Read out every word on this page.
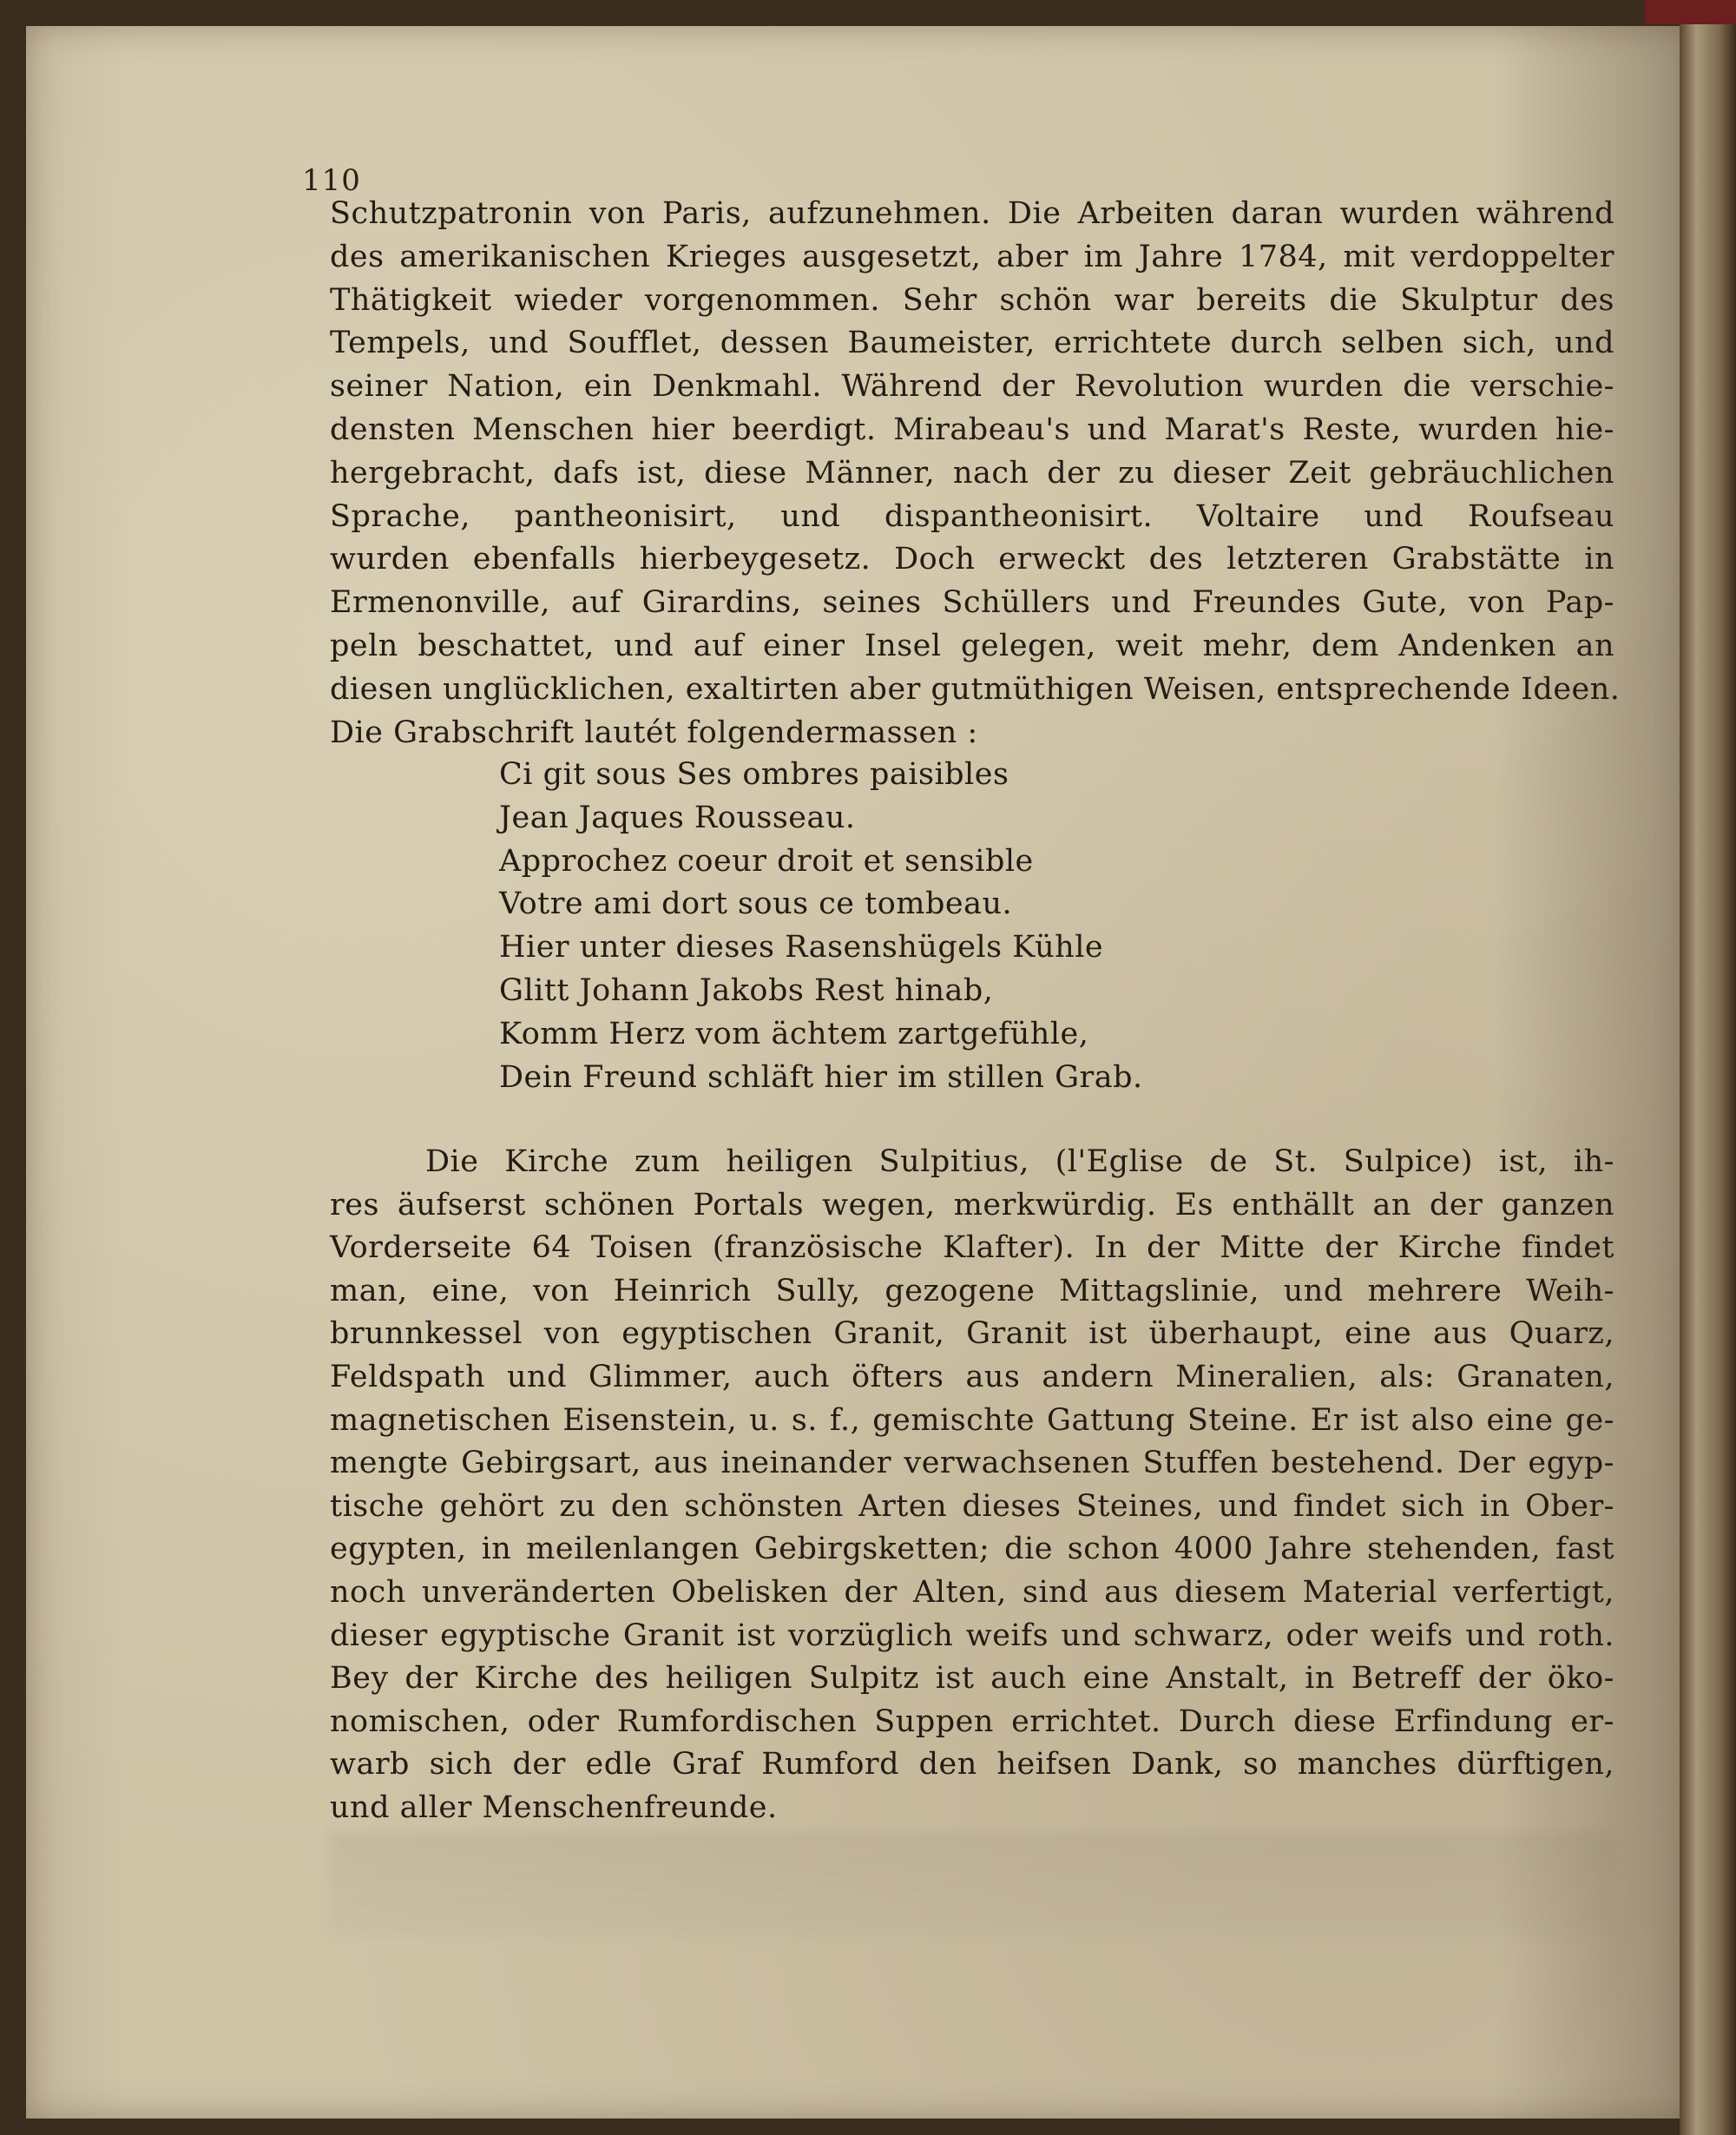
110
Schutzpatronin von Paris, aufzunehmen. Die Arbeiten daran wurden während
des amerikanischen Krieges ausgesetzt, aber im Jahre 1784, mit verdoppelter
Thätigkeit wieder vorgenommen. Sehr schön war bereits die Skulptur des
Tempels, und Soufflet, dessen Baumeister, errichtete durch selben sich, und
seiner Nation, ein Denkmahl. Während der Revolution wurden die verschie-
densten Menschen hier beerdigt. Mirabeau's und Marat's Reste, wurden hie-
hergebracht, dafs ist, diese Männer, nach der zu dieser Zeit gebräuchlichen
Sprache, pantheonisirt, und dispantheonisirt. Voltaire und Roufseau
wurden ebenfalls hierbeygesetz. Doch erweckt des letzteren Grabstätte in
Ermenonville, auf Girardins, seines Schüllers und Freundes Gute, von Pap-
peln beschattet, und auf einer Insel gelegen, weit mehr, dem Andenken an
diesen unglücklichen, exaltirten aber gutmüthigen Weisen, entsprechende Ideen.
Die Grabschrift lautét folgendermassen :
Ci git sous Ses ombres paisibles
Jean Jaques Rousseau.
Approchez coeur droit et sensible
Votre ami dort sous ce tombeau.
Hier unter dieses Rasenshügels Kühle
Glitt Johann Jakobs Rest hinab,
Komm Herz vom ächtem zartgefühle,
Dein Freund schläft hier im stillen Grab.
Die Kirche zum heiligen Sulpitius, (l'Eglise de St. Sulpice) ist, ih-
res äufserst schönen Portals wegen, merkwürdig. Es enthällt an der ganzen
Vorderseite 64 Toisen (französische Klafter). In der Mitte der Kirche findet
man, eine, von Heinrich Sully, gezogene Mittagslinie, und mehrere Weih-
brunnkessel von egyptischen Granit, Granit ist überhaupt, eine aus Quarz,
Feldspath und Glimmer, auch öfters aus andern Mineralien, als: Granaten,
magnetischen Eisenstein, u. s. f., gemischte Gattung Steine. Er ist also eine ge-
mengte Gebirgsart, aus ineinander verwachsenen Stuffen bestehend. Der egyp-
tische gehört zu den schönsten Arten dieses Steines, und findet sich in Ober-
egypten, in meilenlangen Gebirgsketten; die schon 4000 Jahre stehenden, fast
noch unveränderten Obelisken der Alten, sind aus diesem Material verfertigt,
dieser egyptische Granit ist vorzüglich weifs und schwarz, oder weifs und roth.
Bey der Kirche des heiligen Sulpitz ist auch eine Anstalt, in Betreff der öko-
nomischen, oder Rumfordischen Suppen errichtet. Durch diese Erfindung er-
warb sich der edle Graf Rumford den heifsen Dank, so manches dürftigen,
und aller Menschenfreunde.
